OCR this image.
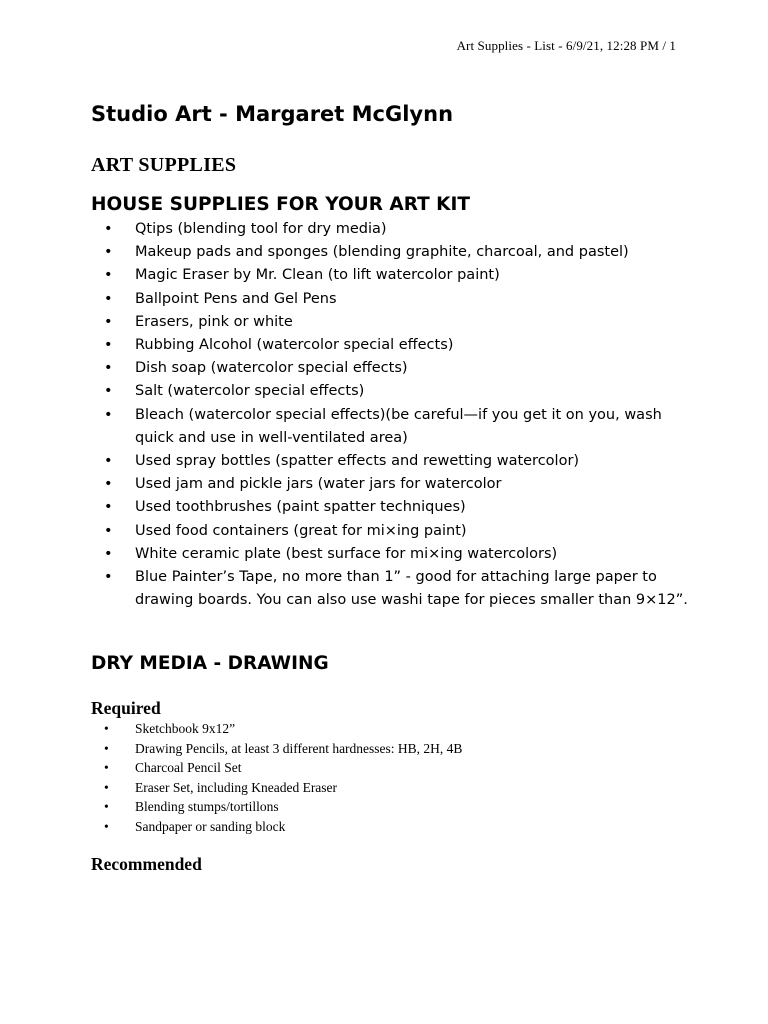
Art Supplies - List - 6/9/21, 12:28 PM / 1
Studio Art - Margaret McGlynn
ART SUPPLIES
HOUSE SUPPLIES FOR YOUR ART KIT
• Qtips (blending tool for dry media)
• Makeup pads and sponges (blending graphite, charcoal, and pastel)
• Magic Eraser by Mr. Clean (to lift watercolor paint)
• Ballpoint Pens and Gel Pens
• Erasers, pink or white
• Rubbing Alcohol (watercolor special effects)
• Dish soap (watercolor special effects)
• Salt (watercolor special effects)
• Bleach (watercolor special effects)(be careful—if you get it on you, wash quick and use in well-ventilated area)
• Used spray bottles (spatter effects and rewetting watercolor)
• Used jam and pickle jars (water jars for watercolor
• Used toothbrushes (paint spatter techniques)
• Used food containers (great for mi×ing paint)
• White ceramic plate (best surface for mi×ing watercolors)
• Blue Painter’s Tape, no more than 1” - good for attaching large paper to drawing boards. You can also use washi tape for pieces smaller than 9×12”.
DRY MEDIA - DRAWING
Required
• Sketchbook 9x12”
• Drawing Pencils, at least 3 different hardnesses: HB, 2H, 4B
• Charcoal Pencil Set
• Eraser Set, including Kneaded Eraser
• Blending stumps/tortillons
• Sandpaper or sanding block
Recommended
